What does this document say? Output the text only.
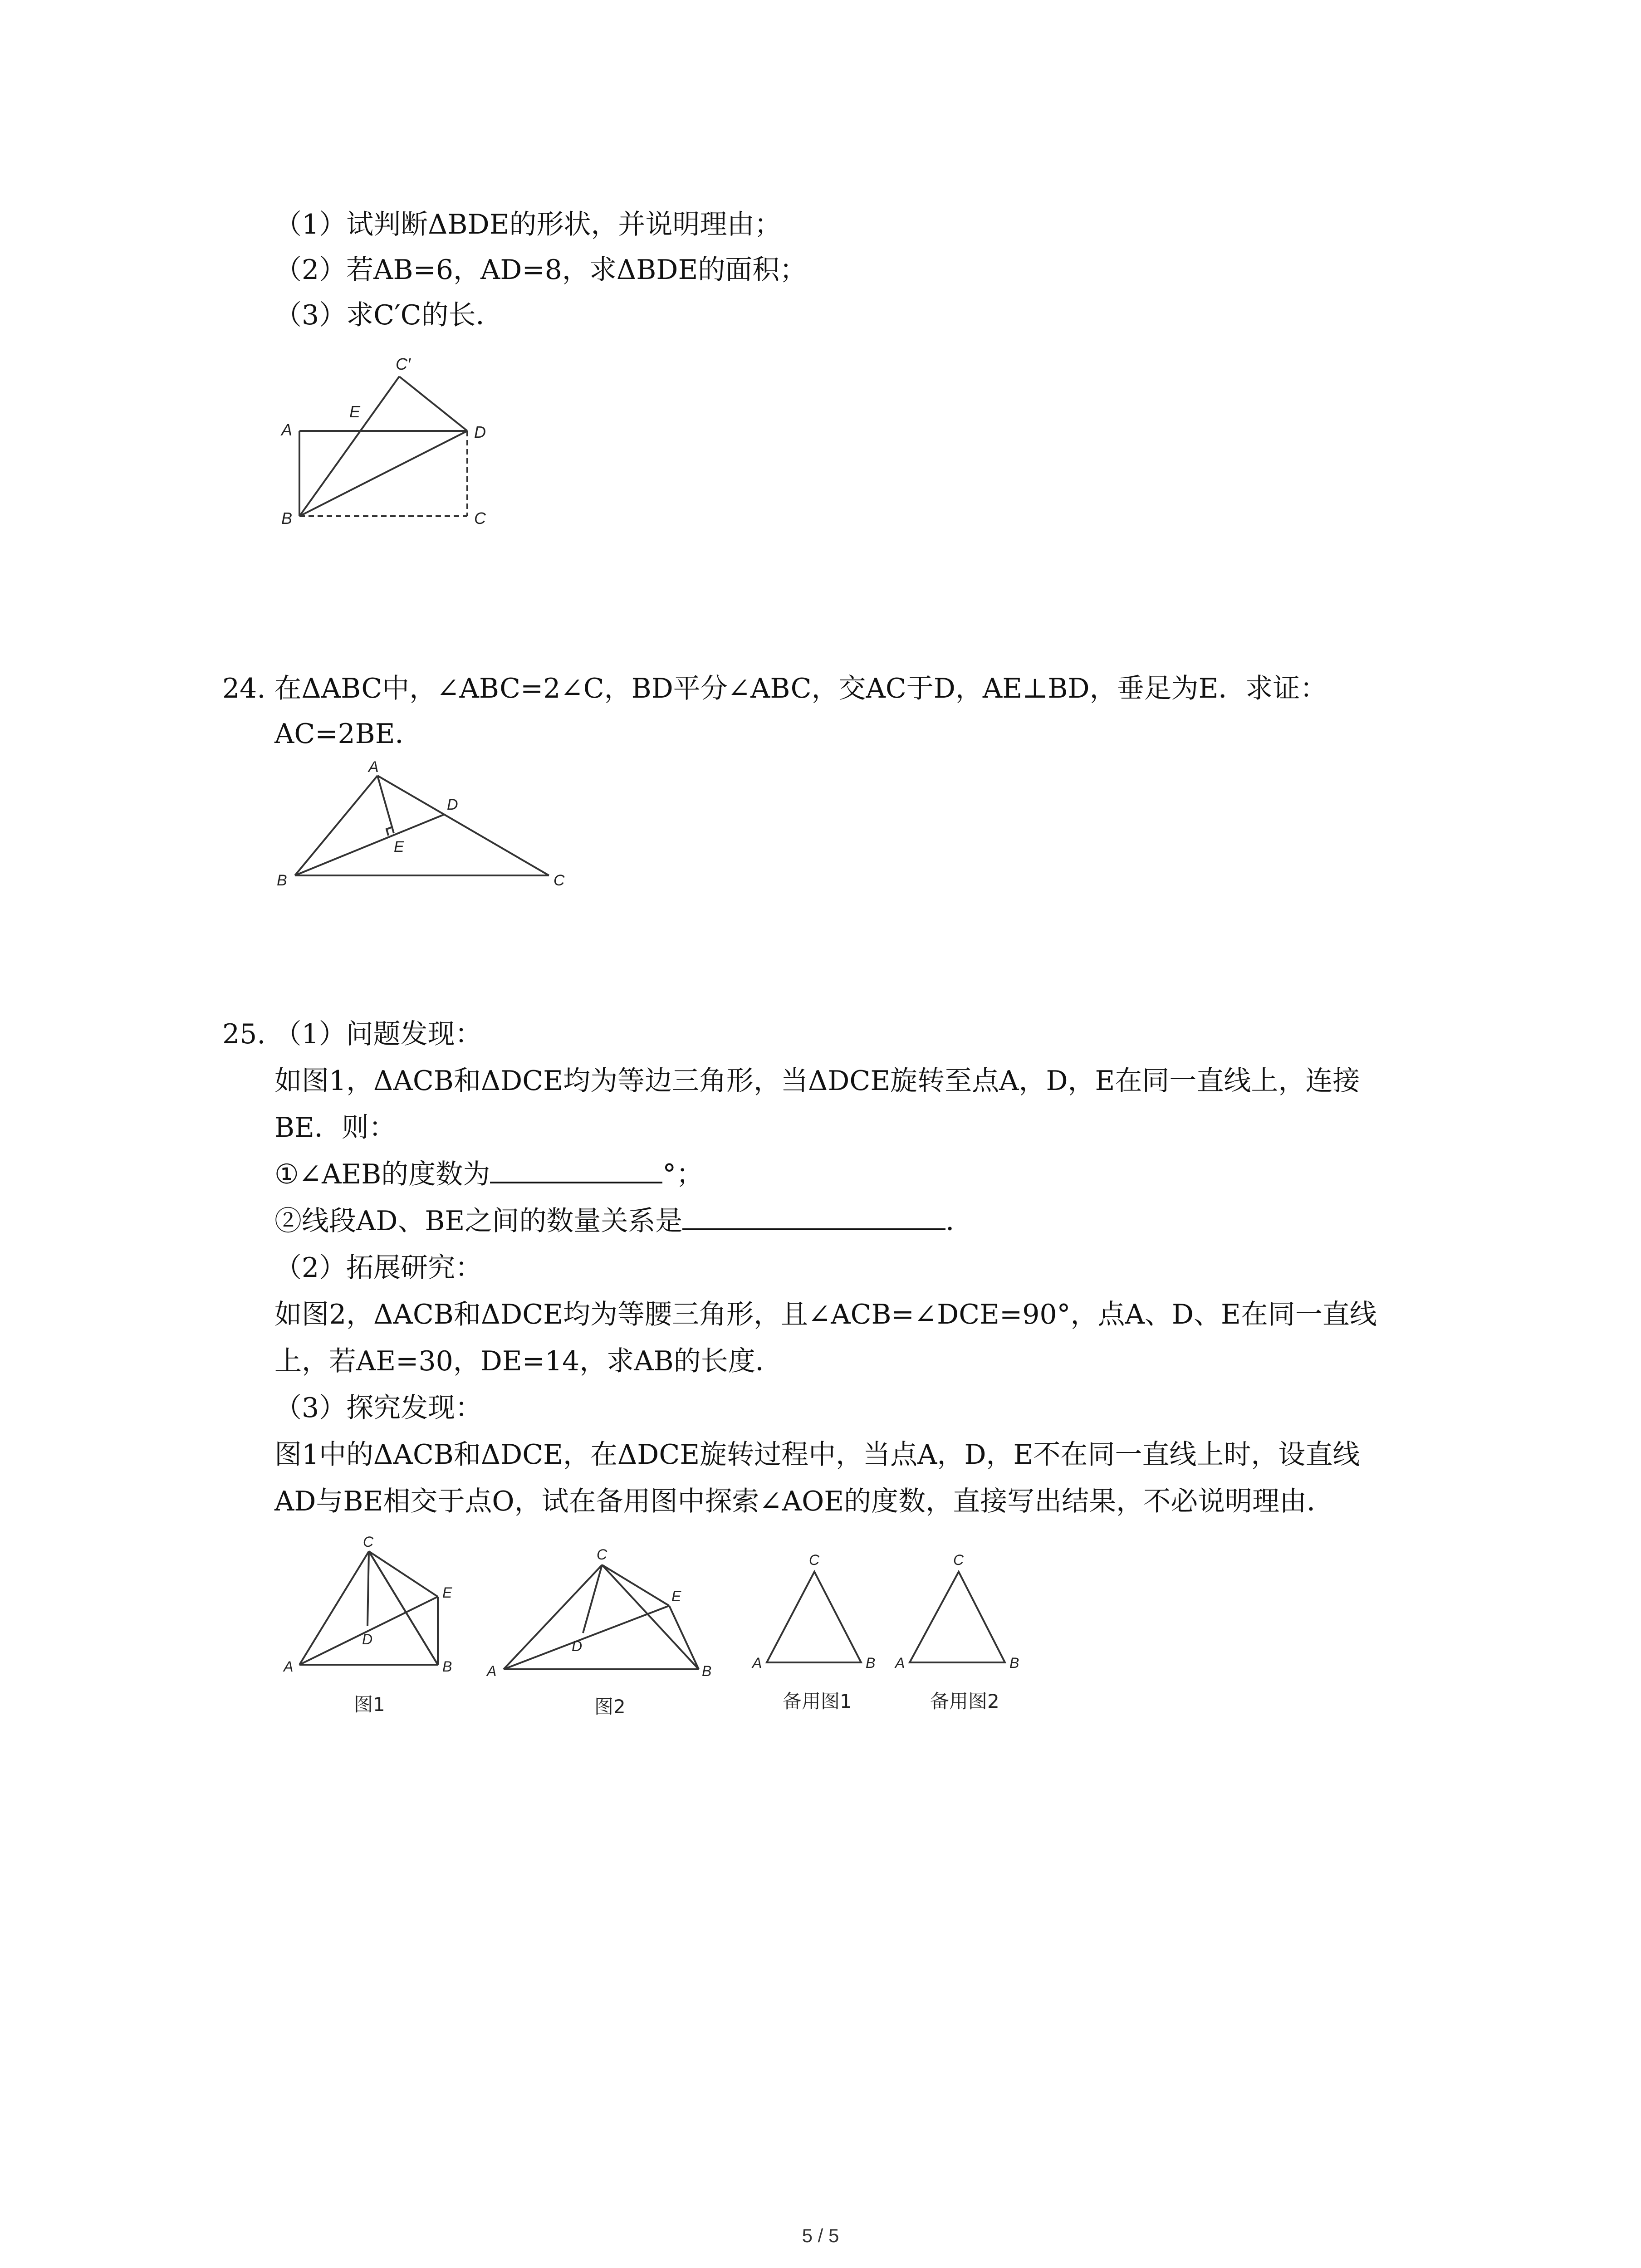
（1）试判断ΔBDE的形状，并说明理由；
（2）若AB=6，AD=8，求ΔBDE的面积；
（3）求C′C的长．
A
B	C
D
E
C′
24. 在ΔABC中，∠ABC=2∠C，BD平分∠ABC，交AC于D，AE⊥BD，垂足为E．求证：
AC=2BE．
A
B	C
D
E
25. （1）问题发现：
如图1，ΔACB和ΔDCE均为等边三角形，当ΔDCE旋转至点A，D，E在同一直线上，连接
BE．则：
①∠AEB的度数为	°；
②线段AD、BE之间的数量关系是	．
（2）拓展研究：
如图2，ΔACB和ΔDCE均为等腰三角形，且∠ACB=∠DCE=90°，点A、D、E在同一直线
上，若AE=30，DE=14，求AB的长度．
（3）探究发现：
图1中的ΔACB和ΔDCE，在ΔDCE旋转过程中，当点A，D，E不在同一直线上时，设直线
AD与BE相交于点O，试在备用图中探索∠AOE的度数，直接写出结果，不必说明理由．
A	B
C
D
E
图1
A	B
C
D
E
图2
A	B
C
备用图1
A	B
C
备用图2
5 / 5
